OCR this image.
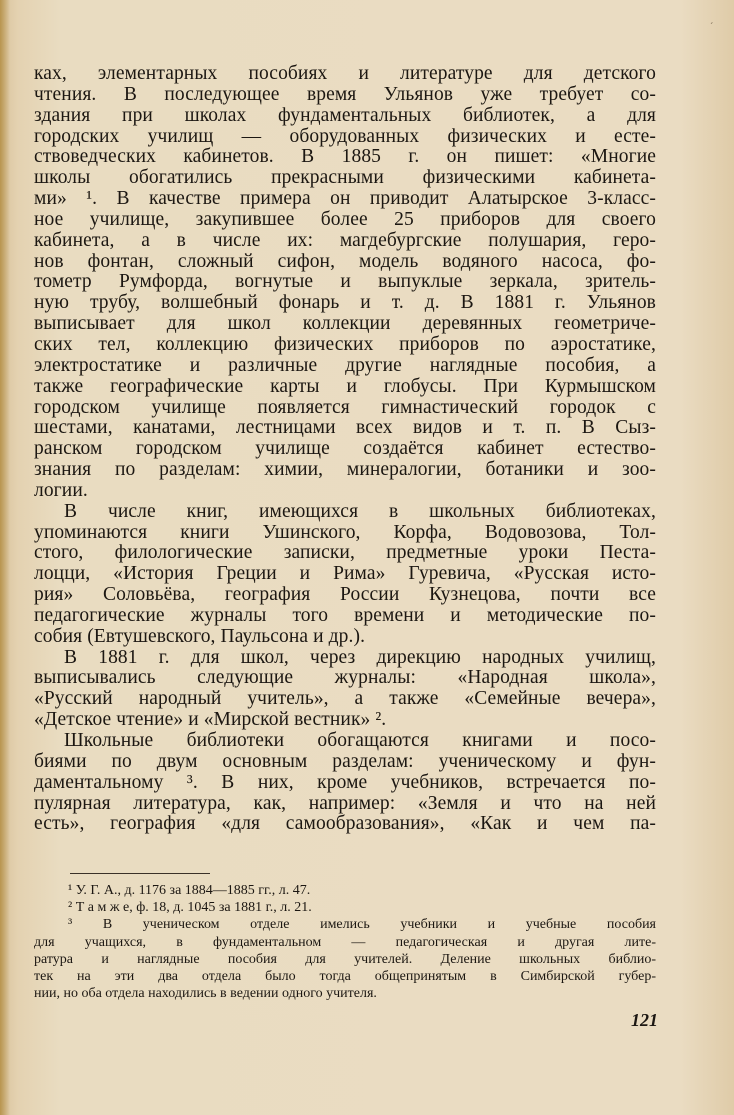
´
ках, элементарных пособиях и литературе для детского
чтения. В последующее время Ульянов уже требует со-
здания при школах фундаментальных библиотек, а для
городских училищ — оборудованных физических и есте-
ствоведческих кабинетов. В 1885 г. он пишет: «Многие
школы обогатились прекрасными физическими кабинета-
ми» ¹. В качестве примера он приводит Алатырское 3-класс-
ное училище, закупившее более 25 приборов для своего
кабинета, а в числе их: магдебургские полушария, геро-
нов фонтан, сложный сифон, модель водяного насоса, фо-
тометр Румфорда, вогнутые и выпуклые зеркала, зритель-
ную трубу, волшебный фонарь и т. д. В 1881 г. Ульянов
выписывает для школ коллекции деревянных геометриче-
ских тел, коллекцию физических приборов по аэростатике,
электростатике и различные другие наглядные пособия, а
также географические карты и глобусы. При Курмышском
городском училище появляется гимнастический городок с
шестами, канатами, лестницами всех видов и т. п. В Сыз-
ранском городском училище создаётся кабинет естество-
знания по разделам: химии, минералогии, ботаники и зоо-
логии.
В числе книг, имеющихся в школьных библиотеках,
упоминаются книги Ушинского, Корфа, Водовозова, Тол-
стого, филологические записки, предметные уроки Песта-
лоцци, «История Греции и Рима» Гуревича, «Русская исто-
рия» Соловьёва, география России Кузнецова, почти все
педагогические журналы того времени и методические по-
собия (Евтушевского, Паульсона и др.).
В 1881 г. для школ, через дирекцию народных училищ,
выписывались следующие журналы: «Народная школа»,
«Русский народный учитель», а также «Семейные вечера»,
«Детское чтение» и «Мирской вестник» ².
Школьные библиотеки обогащаются книгами и посо-
биями по двум основным разделам: ученическому и фун-
даментальному ³. В них, кроме учебников, встречается по-
пулярная литература, как, например: «Земля и что на ней
есть», география «для самообразования», «Как и чем па-
¹ У. Г. А., д. 1176 за 1884—1885 гг., л. 47.
² Т а м ж е, ф. 18, д. 1045 за 1881 г., л. 21.
³ В ученическом отделе имелись учебники и учебные пособия
для учащихся, в фундаментальном — педагогическая и другая лите-
ратура и наглядные пособия для учителей. Деление школьных библио-
тек на эти два отдела было тогда общепринятым в Симбирской губер-
нии, но оба отдела находились в ведении одного учителя.
121
